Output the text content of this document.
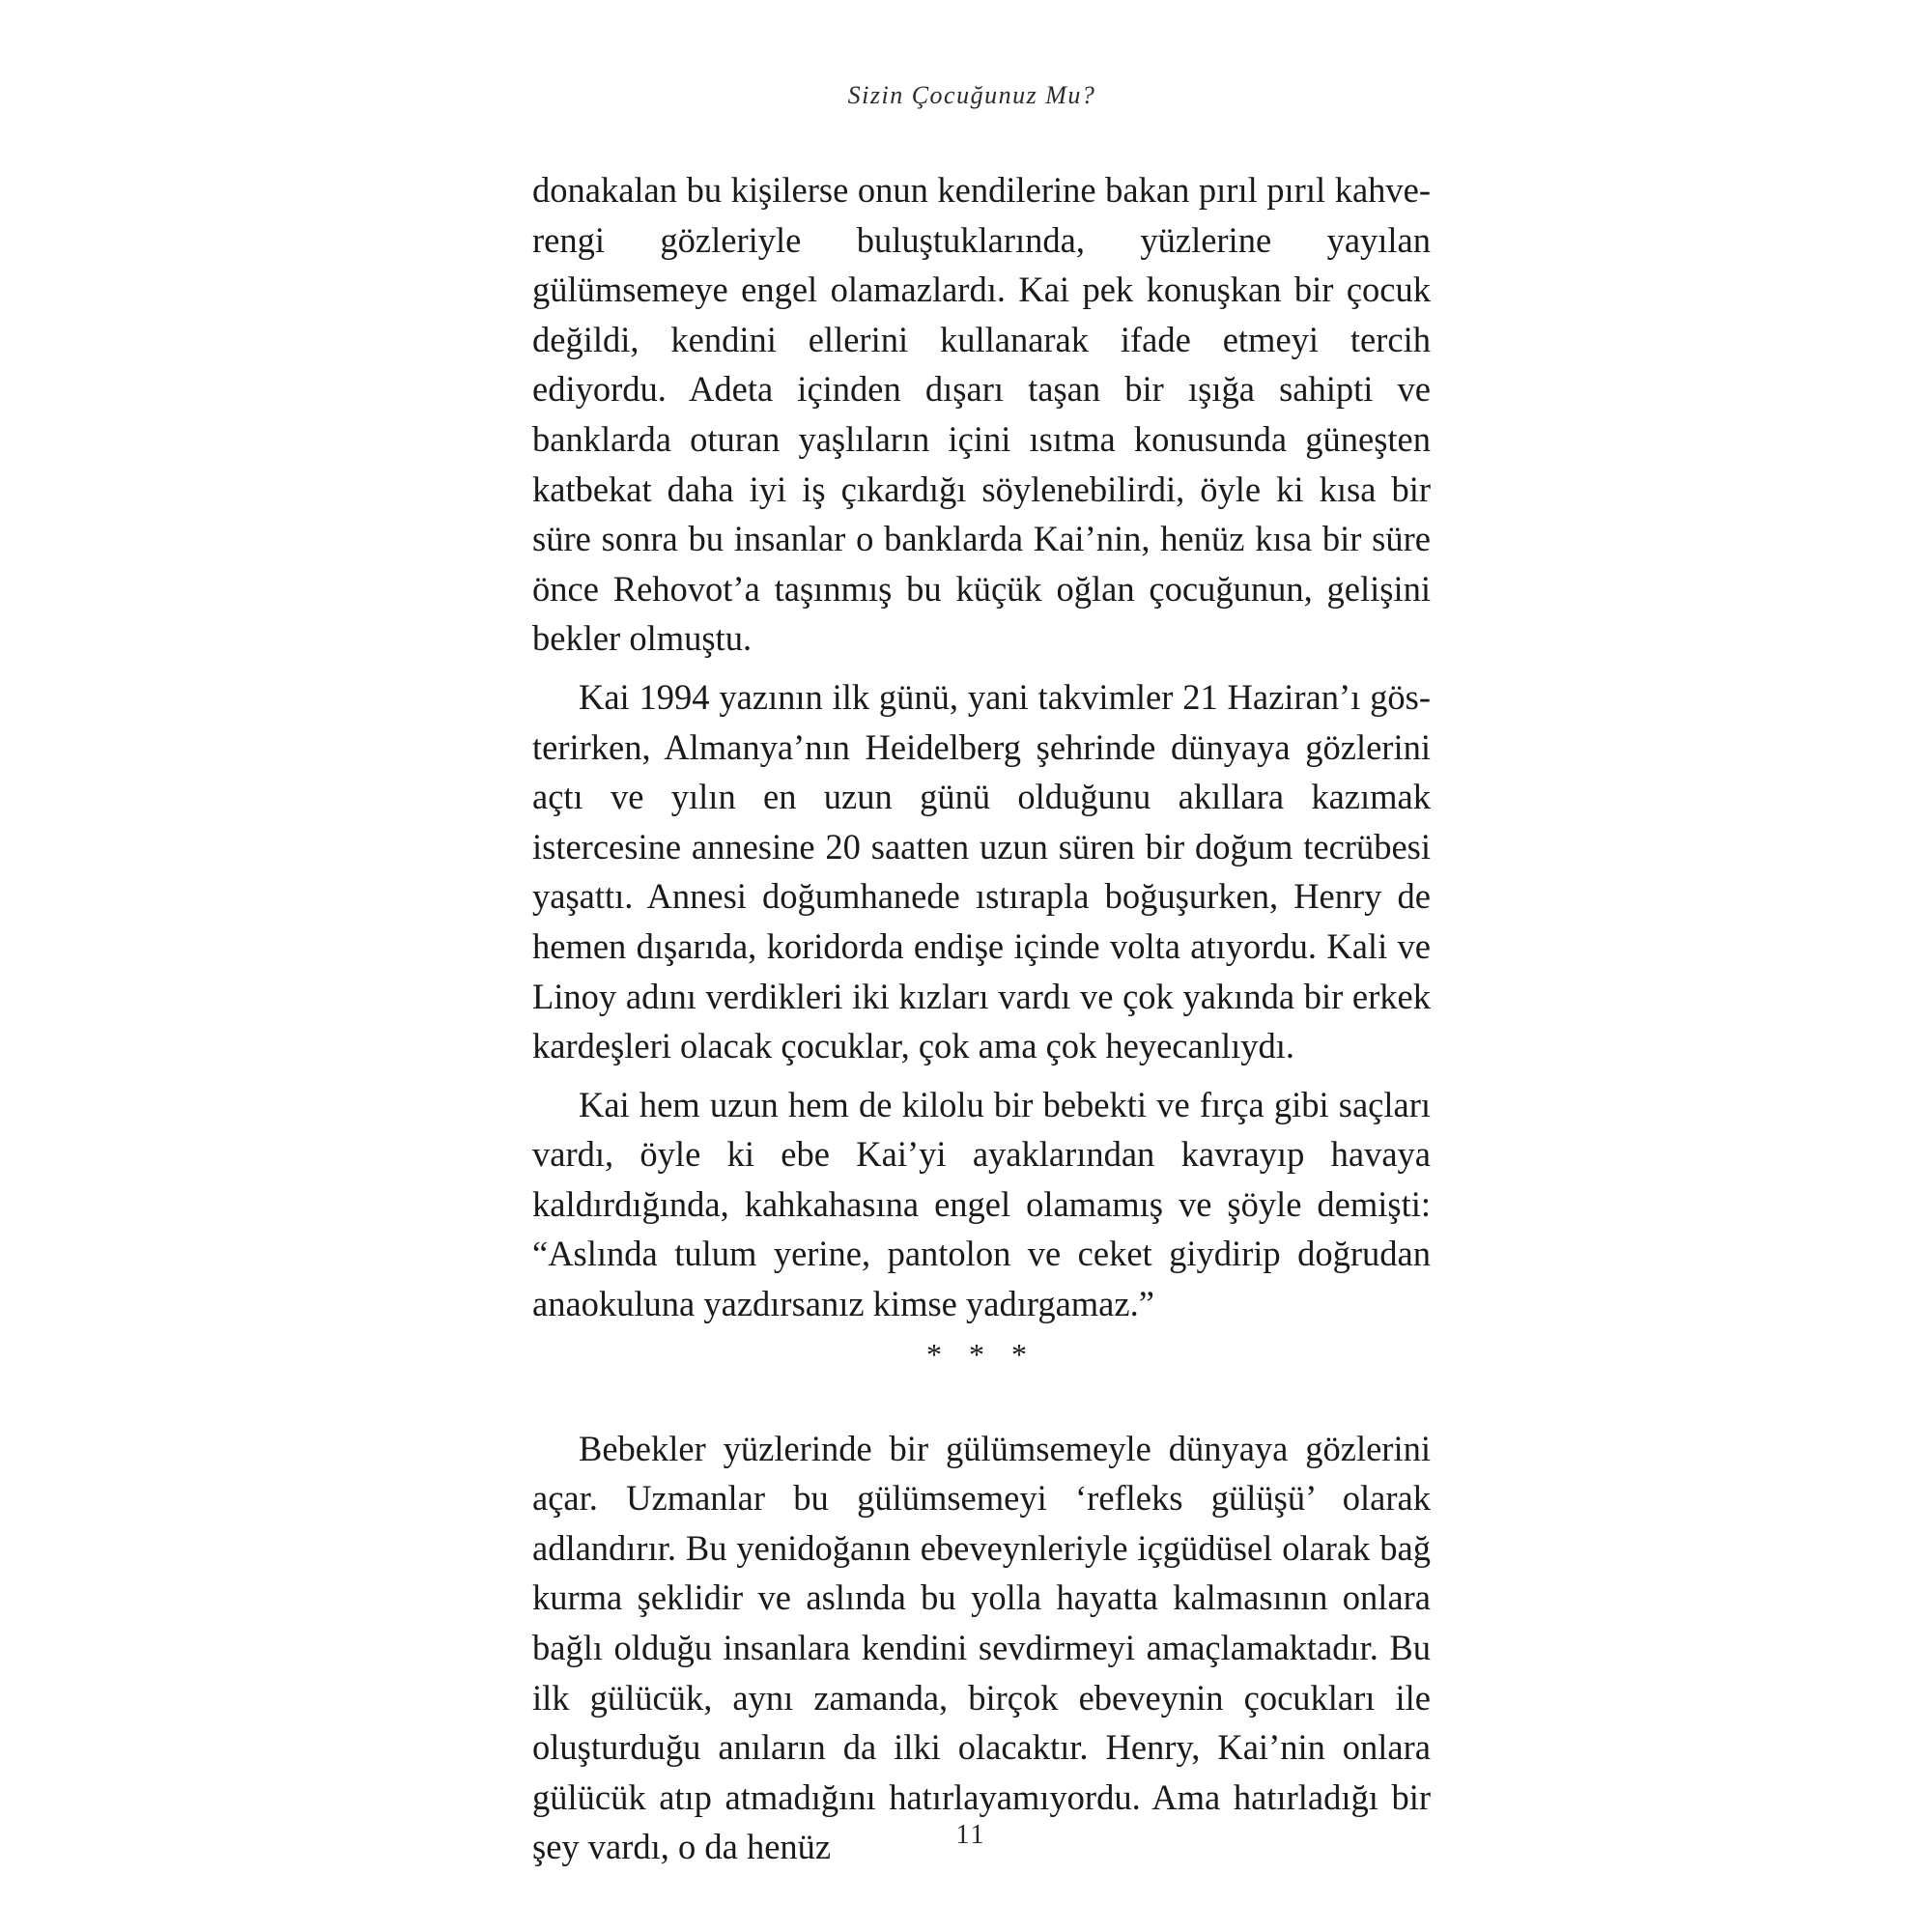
Sizin Çocuğunuz Mu?

donakalan bu kişilerse onun kendilerine bakan pırıl pırıl kahverengi gözleriyle buluştuklarında, yüzlerine yayılan gülümsemeye engel olamazlardı. Kai pek konuşkan bir çocuk değildi, kendini ellerini kullanarak ifade etmeyi tercih ediyordu. Adeta içinden dışarı taşan bir ışığa sahipti ve banklarda oturan yaşlıların içini ısıtma konusunda güneşten katbekat daha iyi iş çıkardığı söylenebilirdi, öyle ki kısa bir süre sonra bu insanlar o banklarda Kai’nin, henüz kısa bir süre önce Rehovot’a taşınmış bu küçük oğlan çocuğunun, gelişini bekler olmuştu.

Kai 1994 yazının ilk günü, yani takvimler 21 Haziran’ı gösterirken, Almanya’nın Heidelberg şehrinde dünyaya gözlerini açtı ve yılın en uzun günü olduğunu akıllara kazımak istercesine annesine 20 saatten uzun süren bir doğum tecrübesi yaşattı. Annesi doğumhanede ıstırapla boğuşurken, Henry de hemen dışarıda, koridorda endişe içinde volta atıyordu. Kali ve Linoy adını verdikleri iki kızları vardı ve çok yakında bir erkek kardeşleri olacak çocuklar, çok ama çok heyecanlıydı.

Kai hem uzun hem de kilolu bir bebekti ve fırça gibi saçları vardı, öyle ki ebe Kai’yi ayaklarından kavrayıp havaya kaldırdığında, kahkahasına engel olamamış ve şöyle demişti: “Aslında tulum yerine, pantolon ve ceket giydirip doğrudan anaokuluna yazdırsanız kimse yadırgamaz.”

* * *

Bebekler yüzlerinde bir gülümsemeyle dünyaya gözlerini açar. Uzmanlar bu gülümsemeyi ‘refleks gülüşü’ olarak adlandırır. Bu yenidoğanın ebeveynleriyle içgüdüsel olarak bağ kurma şeklidir ve aslında bu yolla hayatta kalmasının onlara bağlı olduğu insanlara kendini sevdirmeyi amaçlamaktadır. Bu ilk gülücük, aynı zamanda, birçok ebeveynin çocukları ile oluşturduğu anıların da ilki olacaktır. Henry, Kai’nin onlara gülücük atıp atmadığını hatırlayamıyordu. Ama hatırladığı bir şey vardı, o da henüz	11
